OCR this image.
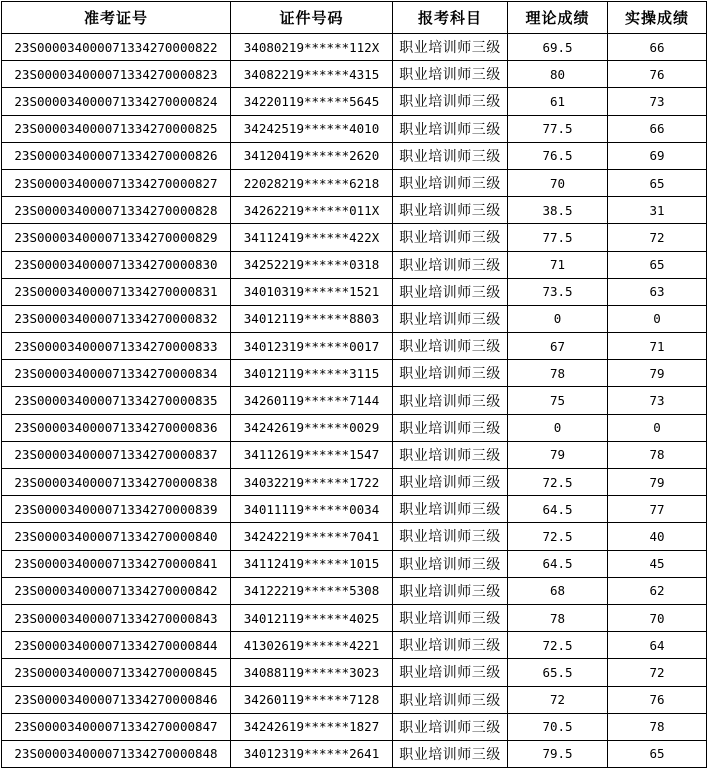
准考证号	证件号码	报考科目	理论成绩	实操成绩
23S000034000071334270000822	34080219******112X	职业培训师三级	69.5	66
23S000034000071334270000823	34082219******4315	职业培训师三级	80	76
23S000034000071334270000824	34220119******5645	职业培训师三级	61	73
23S000034000071334270000825	34242519******4010	职业培训师三级	77.5	66
23S000034000071334270000826	34120419******2620	职业培训师三级	76.5	69
23S000034000071334270000827	22028219******6218	职业培训师三级	70	65
23S000034000071334270000828	34262219******011X	职业培训师三级	38.5	31
23S000034000071334270000829	34112419******422X	职业培训师三级	77.5	72
23S000034000071334270000830	34252219******0318	职业培训师三级	71	65
23S000034000071334270000831	34010319******1521	职业培训师三级	73.5	63
23S000034000071334270000832	34012119******8803	职业培训师三级	0	0
23S000034000071334270000833	34012319******0017	职业培训师三级	67	71
23S000034000071334270000834	34012119******3115	职业培训师三级	78	79
23S000034000071334270000835	34260119******7144	职业培训师三级	75	73
23S000034000071334270000836	34242619******0029	职业培训师三级	0	0
23S000034000071334270000837	34112619******1547	职业培训师三级	79	78
23S000034000071334270000838	34032219******1722	职业培训师三级	72.5	79
23S000034000071334270000839	34011119******0034	职业培训师三级	64.5	77
23S000034000071334270000840	34242219******7041	职业培训师三级	72.5	40
23S000034000071334270000841	34112419******1015	职业培训师三级	64.5	45
23S000034000071334270000842	34122219******5308	职业培训师三级	68	62
23S000034000071334270000843	34012119******4025	职业培训师三级	78	70
23S000034000071334270000844	41302619******4221	职业培训师三级	72.5	64
23S000034000071334270000845	34088119******3023	职业培训师三级	65.5	72
23S000034000071334270000846	34260119******7128	职业培训师三级	72	76
23S000034000071334270000847	34242619******1827	职业培训师三级	70.5	78
23S000034000071334270000848	34012319******2641	职业培训师三级	79.5	65
